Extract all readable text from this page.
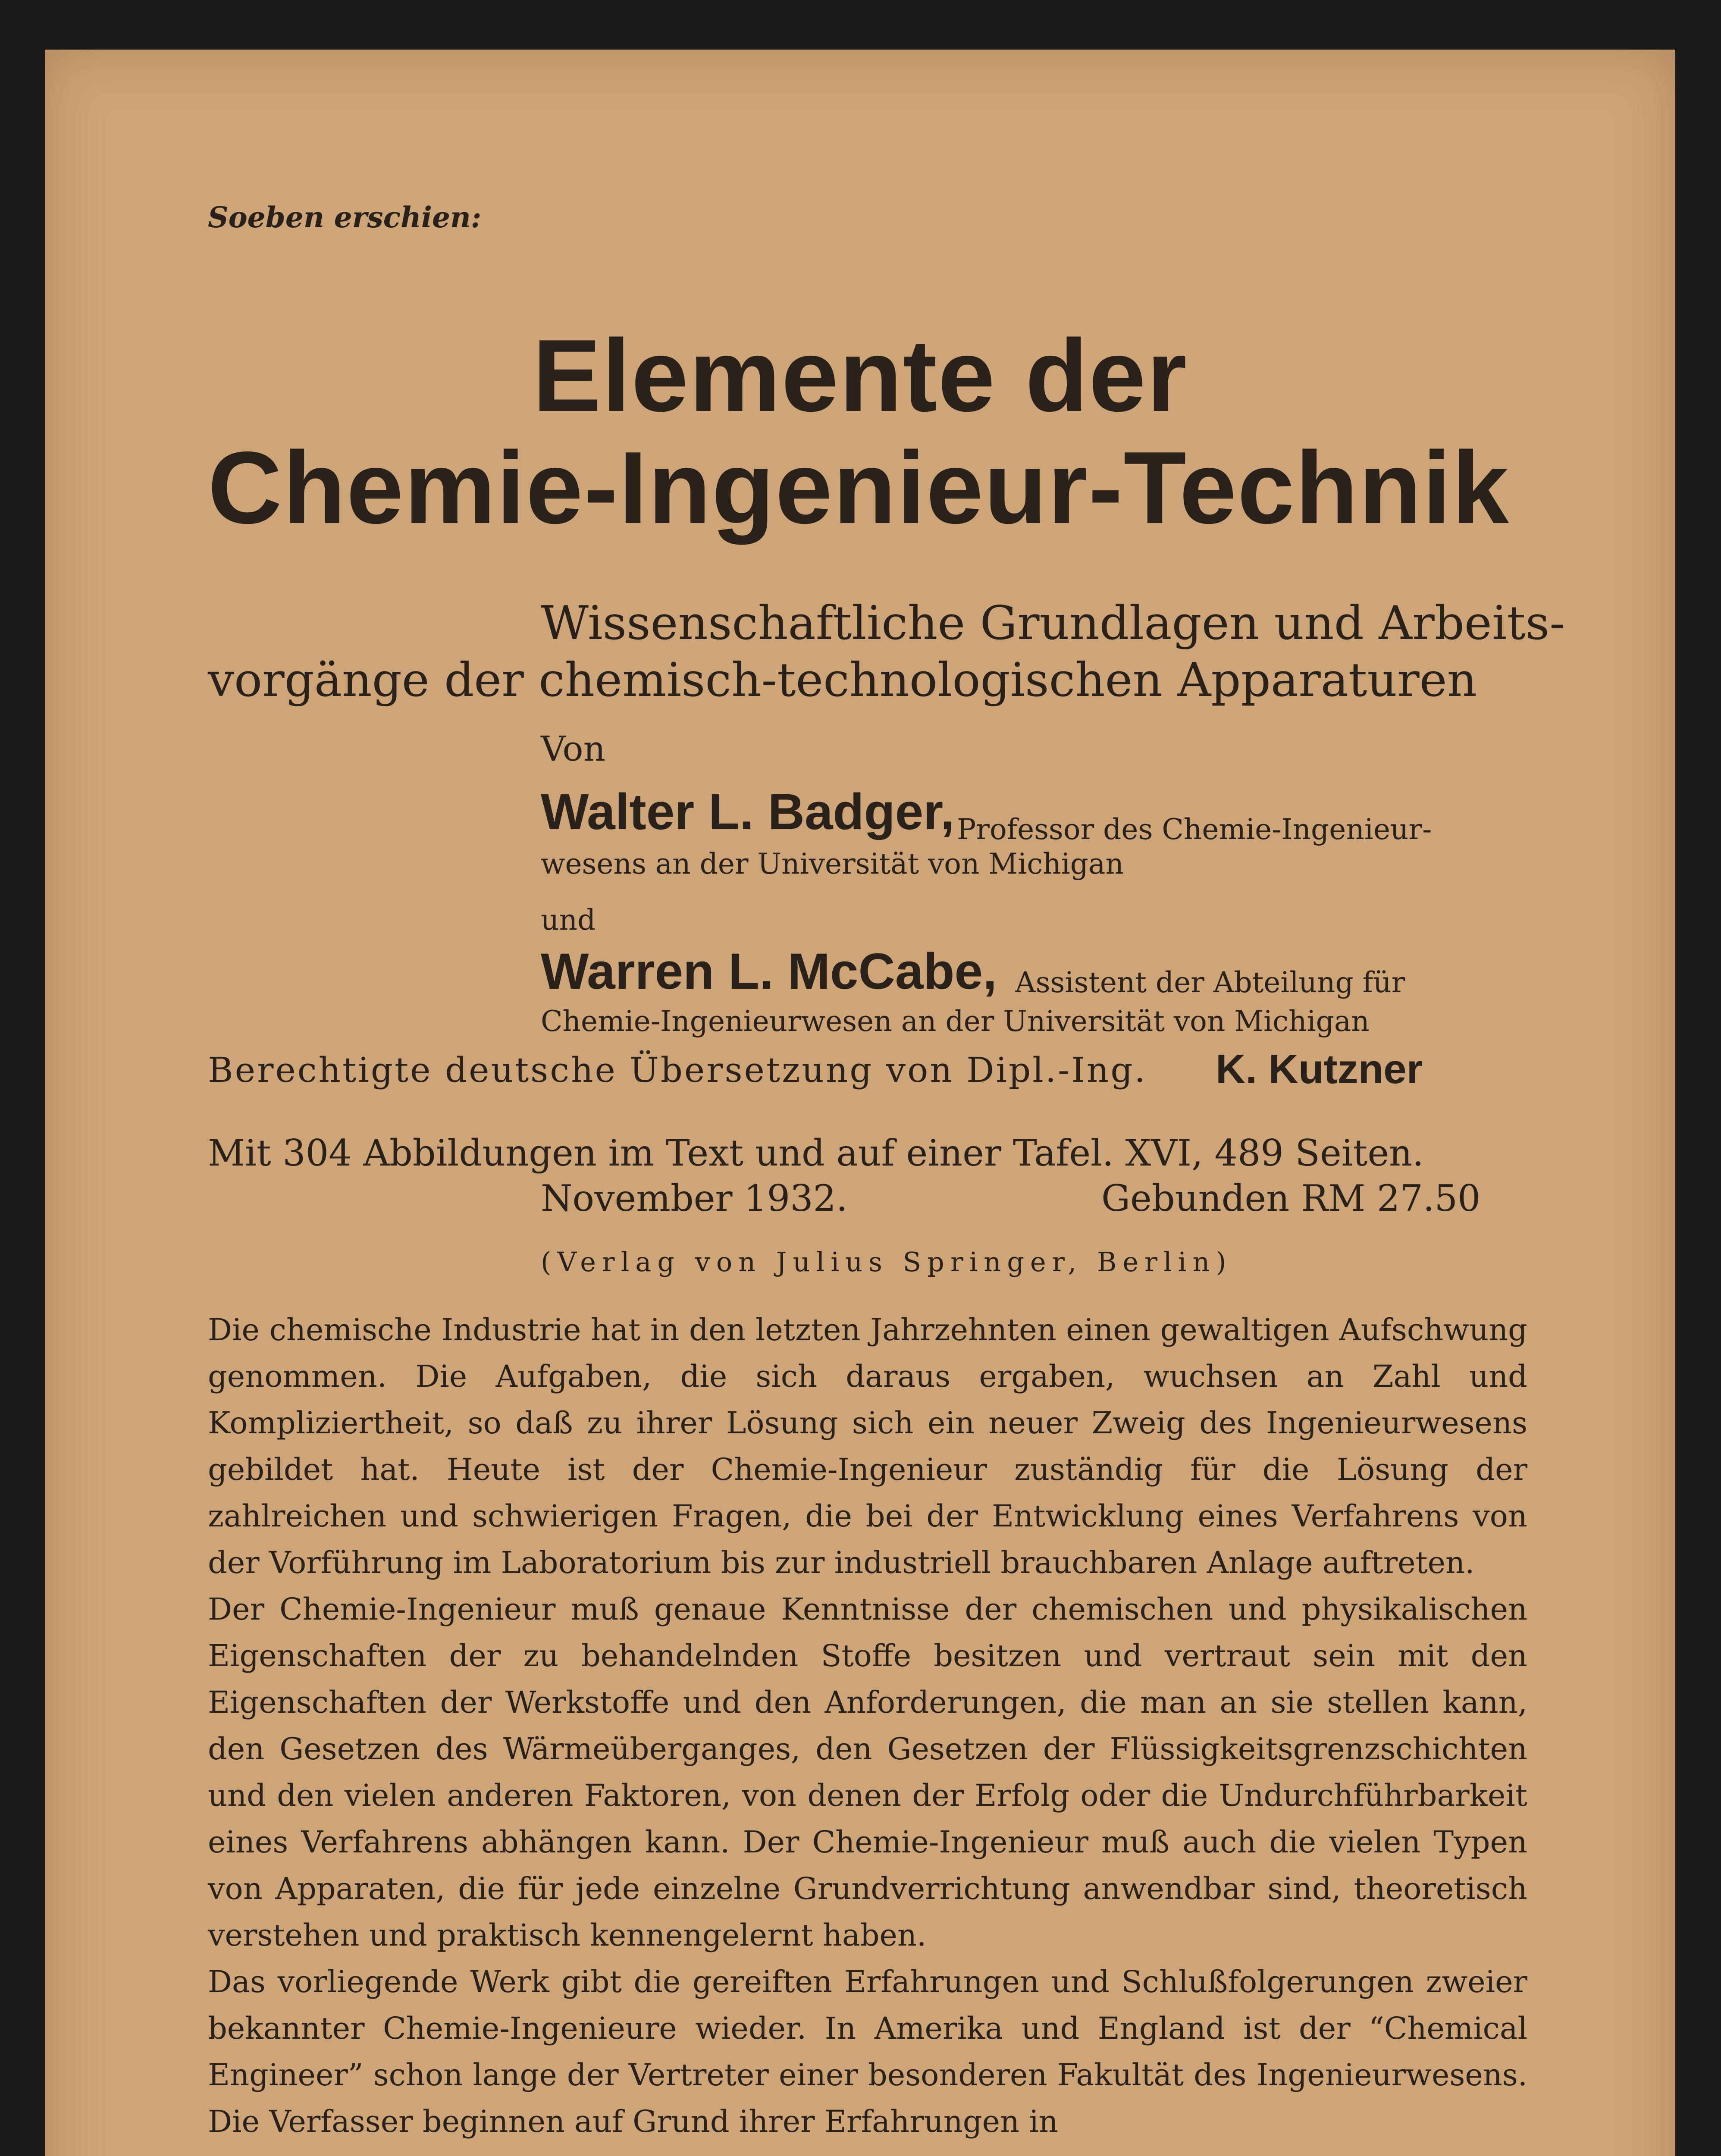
Soeben erschien:
Elemente der
Chemie-Ingenieur-Technik
Wissenschaftliche Grundlagen und Arbeits-
vorgänge der chemisch-technologischen Apparaturen
Von
Walter L. Badger, Professor des Chemie-Ingenieur-
wesens an der Universität von Michigan
und
Warren L. McCabe, Assistent der Abteilung für
Chemie-Ingenieurwesen an der Universität von Michigan
Berechtigte deutsche Übersetzung von Dipl.-Ing. K. Kutzner
Mit 304 Abbildungen im Text und auf einer Tafel. XVI, 489 Seiten.
November 1932.	Gebunden RM 27.50
(Verlag von Julius Springer, Berlin)

Die chemische Industrie hat in den letzten Jahrzehnten einen gewaltigen Aufschwung genommen. Die Aufgaben, die sich daraus ergaben, wuchsen an Zahl und Kompliziertheit, so daß zu ihrer Lösung sich ein neuer Zweig des Ingenieurwesens gebildet hat. Heute ist der Chemie-Ingenieur zuständig für die Lösung der zahlreichen und schwierigen Fragen, die bei der Entwicklung eines Verfahrens von der Vorführung im Laboratorium bis zur industriell brauchbaren Anlage auftreten.

Der Chemie-Ingenieur muß genaue Kenntnisse der chemischen und physikalischen Eigenschaften der zu behandelnden Stoffe besitzen und vertraut sein mit den Eigenschaften der Werkstoffe und den Anforderungen, die man an sie stellen kann, den Gesetzen des Wärmeüberganges, den Gesetzen der Flüssigkeitsgrenzschichten und den vielen anderen Faktoren, von denen der Erfolg oder die Undurchführbarkeit eines Verfahrens abhängen kann. Der Chemie-Ingenieur muß auch die vielen Typen von Apparaten, die für jede einzelne Grundverrichtung anwendbar sind, theoretisch verstehen und praktisch kennengelernt haben.

Das vorliegende Werk gibt die gereiften Erfahrungen und Schlußfolgerungen zweier bekannter Chemie-Ingenieure wieder. In Amerika und England ist der “Chemical Engineer” schon lange der Vertreter einer besonderen Fakultät des Ingenieurwesens. Die Verfasser beginnen auf Grund ihrer Erfahrungen in
